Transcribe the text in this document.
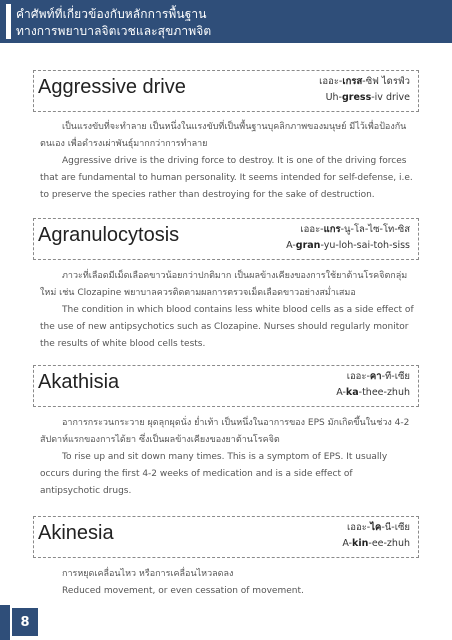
คำศัพท์ที่เกี่ยวข้องกับหลักการพื้นฐาน
ทางการพยาบาลจิตเวชและสุขภาพจิต
Aggressive drive	เออะ-เกรส-ซิฟ ไดรฟ์ว
Uh-gress-iv drive

เป็นแรงขับที่จะทำลาย เป็นหนึ่งในแรงขับที่เป็นพื้นฐานบุคลิกภาพของมนุษย์ มีไว้เพื่อป้องกันตนเอง เพื่อดำรงเผ่าพันธุ์มากกว่าการทำลาย

Aggressive drive is the driving force to destroy. It is one of the driving forces that are fundamental to human personality. It seems intended for self-defense, i.e. to preserve the species rather than destroying for the sake of destruction.

Agranulocytosis	เออะ-แกร-นู-โล-ไซ-โท-ซิส
A-gran-yu-loh-sai-toh-siss

ภาวะที่เลือดมีเม็ดเลือดขาวน้อยกว่าปกติมาก เป็นผลข้างเคียงของการใช้ยาต้านโรคจิตกลุ่มใหม่ เช่น Clozapine พยาบาลควรติดตามผลการตรวจเม็ดเลือดขาวอย่างสม่ำเสมอ

The condition in which blood contains less white blood cells as a side effect of the use of new antipsychotics such as Clozapine. Nurses should regularly monitor the results of white blood cells tests.

Akathisia	เออะ-คา-ที-เซีย
A-ka-thee-zhuh

อาการกระวนกระวาย ผุดลุกผุดนั่ง ย่ำเท้า เป็นหนึ่งในอาการของ EPS มักเกิดขึ้นในช่วง 4-2 สัปดาห์แรกของการได้ยา ซึ่งเป็นผลข้างเคียงของยาต้านโรคจิต

To rise up and sit down many times. This is a symptom of EPS. It usually occurs during the first 4-2 weeks of medication and is a side effect of antipsychotic drugs.

Akinesia	เออะ-ไค-นี-เซีย
A-kin-ee-zhuh

การหยุดเคลื่อนไหว หรือการเคลื่อนไหวลดลง

Reduced movement, or even cessation of movement.

8
